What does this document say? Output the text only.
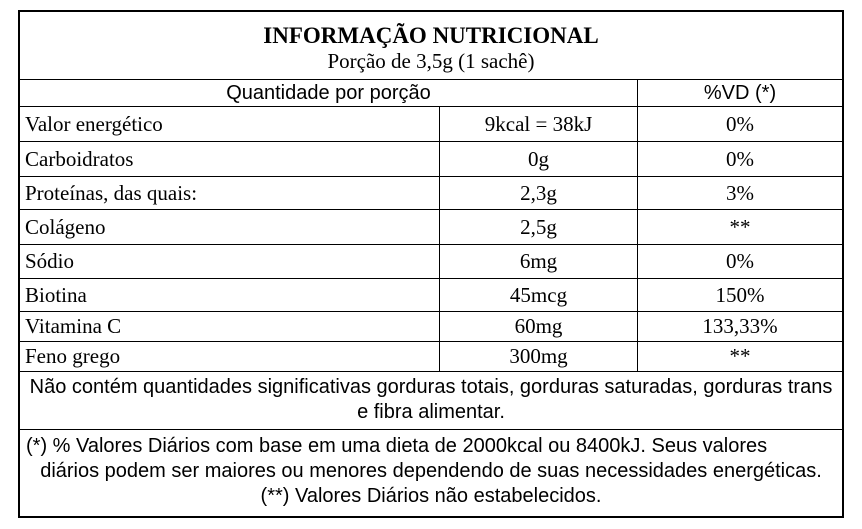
INFORMAÇÃO NUTRICIONAL
Porção de 3,5g (1 sachê)
Quantidade por porção	%VD (*)
Valor energético	9kcal = 38kJ	0%
Carboidratos	0g	0%
Proteínas, das quais:	2,3g	3%
Colágeno	2,5g	**
Sódio	6mg	0%
Biotina	45mcg	150%
Vitamina C	60mg	133,33%
Feno grego	300mg	**
Não contém quantidades significativas gorduras totais, gorduras saturadas, gorduras trans e fibra alimentar.
(*) % Valores Diários com base em uma dieta de 2000kcal ou 8400kJ. Seus valores
diários podem ser maiores ou menores dependendo de suas necessidades energéticas. (**) Valores Diários não estabelecidos.
